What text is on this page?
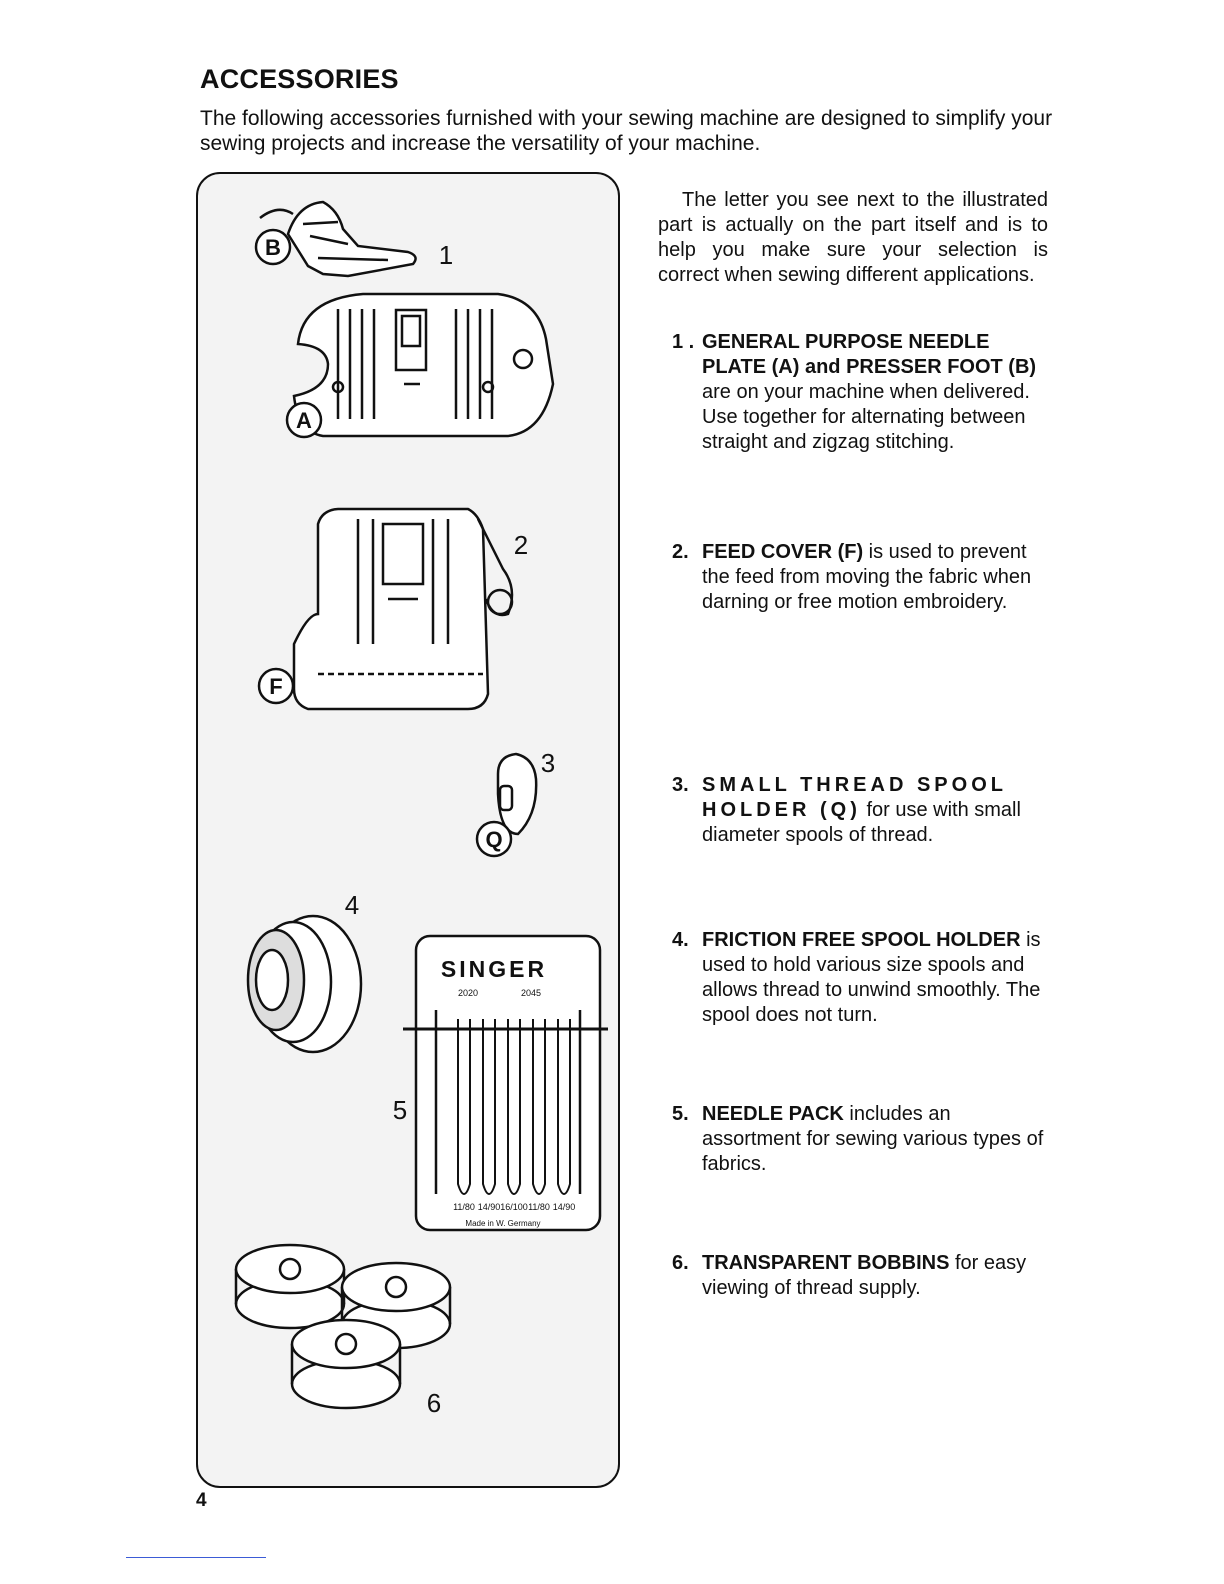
ACCESSORIES
The following accessories furnished with your sewing machine are designed to simplify your sewing projects and increase the versatility of your machine.
B	1
A
F
2
Q
3
4
SINGER
2020	2045
11/80 14/90 16/100 11/80 14/90
Made in W. Germany
5
6

The letter you see next to the illustrated part is actually on the part itself and is to help you make sure your selection is correct when sewing different applications.

1 . GENERAL PURPOSE NEEDLE PLATE (A) and PRESSER FOOT (B) are on your machine when delivered. Use together for alternating between straight and zigzag stitching.
2. FEED COVER (F) is used to prevent the feed from moving the fabric when darning or free motion embroidery.
3. SMALL THREAD SPOOL HOLDER (Q) for use with small diameter spools of thread.
4. FRICTION FREE SPOOL HOLDER is used to hold various size spools and allows thread to unwind smoothly. The spool does not turn.
5. NEEDLE PACK includes an assortment for sewing various types of fabrics.
6. TRANSPARENT BOBBINS for easy viewing of thread supply.
4
